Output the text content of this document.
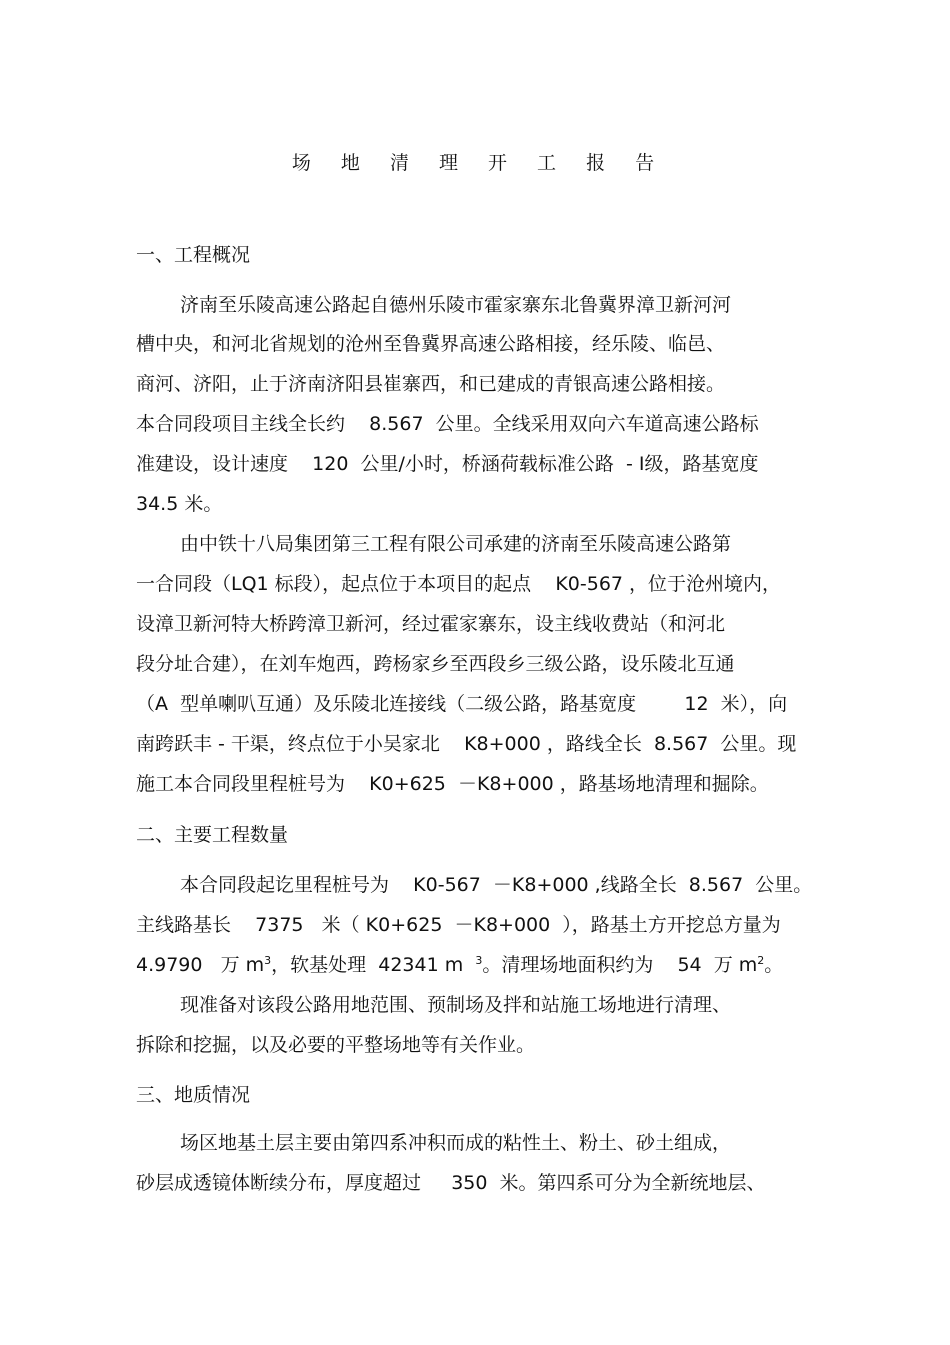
场 地 清 理 开 工 报 告
一、工程概况
济南至乐陵高速公路起自德州乐陵市霍家寨东北鲁冀界漳卫新河河
槽中央，和河北省规划的沧州至鲁冀界高速公路相接，经乐陵、临邑、
商河、济阳，止于济南济阳县崔寨西，和已建成的青银高速公路相接。
本合同段项目主线全长约    8.567  公里。全线采用双向六车道高速公路标
准建设，设计速度    120  公里/小时，桥涵荷载标准公路  - Ⅰ级，路基宽度
34.5 米。
由中铁十八局集团第三工程有限公司承建的济南至乐陵高速公路第
一合同段（LQ1 标段），起点位于本项目的起点    K0-567 ，位于沧州境内，
设漳卫新河特大桥跨漳卫新河，经过霍家寨东，设主线收费站（和河北
段分址合建），在刘车炮西，跨杨家乡至西段乡三级公路，设乐陵北互通
（A  型单喇叭互通）及乐陵北连接线（二级公路，路基宽度        12  米），向
南跨跃丰 - 干渠，终点位于小吴家北    K8+000 ，路线全长  8.567  公里。现
施工本合同段里程桩号为    K0+625  －K8+000 ，路基场地清理和掘除。
二、主要工程数量
本合同段起讫里程桩号为    K0-567  －K8+000 ,线路全长  8.567  公里。
主线路基长    7375   米（ K0+625  －K8+000  ），路基土方开挖总方量为
4.9790   万 $m^3$，软基处理  42341 m  $^3$。清理场地面积约为    54  万 $m^2$。
现准备对该段公路用地范围、预制场及拌和站施工场地进行清理、
拆除和挖掘，以及必要的平整场地等有关作业。
三、地质情况
场区地基土层主要由第四系冲积而成的粘性土、粉土、砂土组成，
砂层成透镜体断续分布，厚度超过     350  米。第四系可分为全新统地层、
